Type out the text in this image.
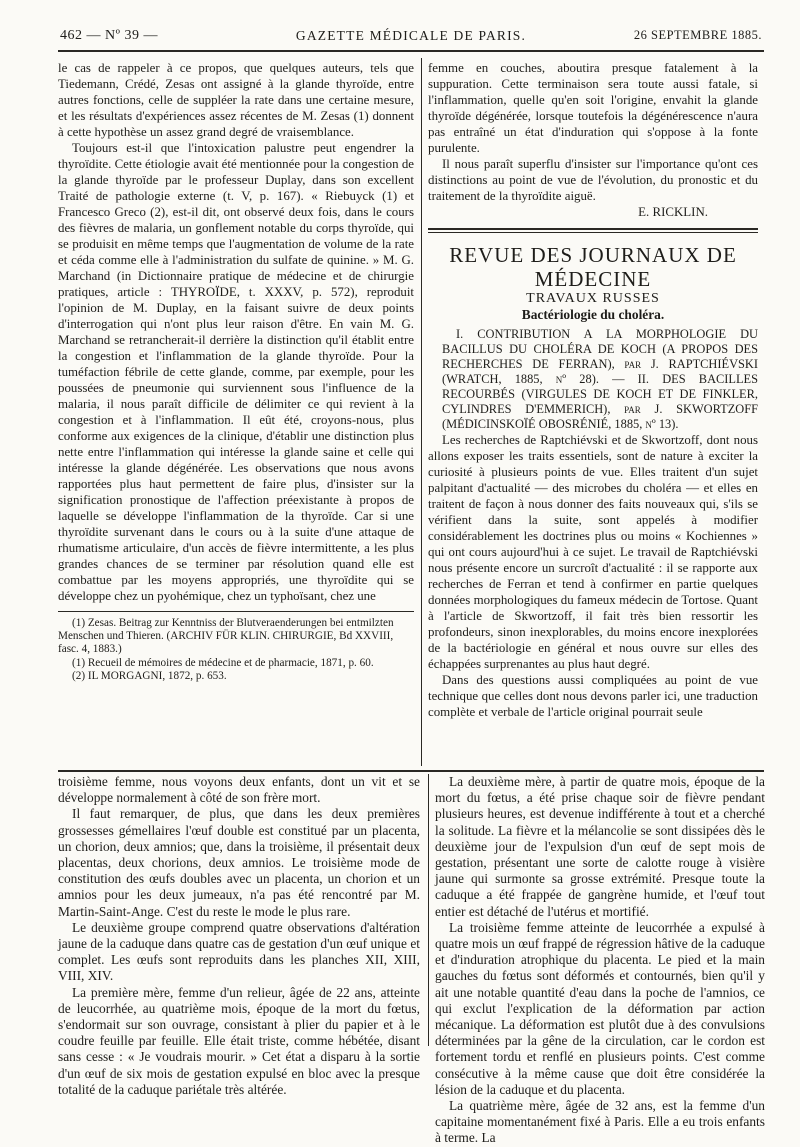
462 — Nº 39 —	GAZETTE MÉDICALE DE PARIS.	26 SEPTEMBRE 1885.

le cas de rappeler à ce propos, que quelques auteurs, tels que Tiedemann, Crédé, Zesas ont assigné à la glande thyroïde, entre autres fonctions, celle de suppléer la rate dans une certaine mesure, et les résultats d'expériences assez récentes de M. Zesas (1) donnent à cette hypothèse un assez grand degré de vraisemblance.

Toujours est-il que l'intoxication palustre peut engendrer la thyroïdite. Cette étiologie avait été mentionnée pour la congestion de la glande thyroïde par le professeur Duplay, dans son excellent Traité de pathologie externe (t. V, p. 167). « Riebuyck (1) et Francesco Greco (2), est-il dit, ont observé deux fois, dans le cours des fièvres de malaria, un gonflement notable du corps thyroïde, qui se produisit en même temps que l'augmentation de volume de la rate et céda comme elle à l'administration du sulfate de quinine. » M. G. Marchand (in Dictionnaire pratique de médecine et de chirurgie pratiques, article : THYROÏDE, t. XXXV, p. 572), reproduit l'opinion de M. Duplay, en la faisant suivre de deux points d'interrogation qui n'ont plus leur raison d'être. En vain M. G. Marchand se retrancherait-il derrière la distinction qu'il établit entre la congestion et l'inflammation de la glande thyroïde. Pour la tuméfaction fébrile de cette glande, comme, par exemple, pour les poussées de pneumonie qui surviennent sous l'influence de la malaria, il nous paraît difficile de délimiter ce qui revient à la congestion et à l'inflammation. Il eût été, croyons-nous, plus conforme aux exigences de la clinique, d'établir une distinction plus nette entre l'inflammation qui intéresse la glande saine et celle qui intéresse la glande dégénérée. Les observations que nous avons rapportées plus haut permettent de faire plus, d'insister sur la signification pronostique de l'affection préexistante à propos de laquelle se développe l'inflammation de la thyroïde. Car si une thyroïdite survenant dans le cours ou à la suite d'une attaque de rhumatisme articulaire, d'un accès de fièvre intermittente, a les plus grandes chances de se terminer par résolution quand elle est combattue par les moyens appropriés, une thyroïdite qui se développe chez un pyohémique, chez un typhoïsant, chez une

(1) Zesas. Beitrag zur Kenntniss der Blutveraenderungen bei entmilzten Menschen und Thieren. (ARCHIV FÜR KLIN. CHIRURGIE, Bd XXVIII, fasc. 4, 1883.)

(1) Recueil de mémoires de médecine et de pharmacie, 1871, p. 60.

(2) IL MORGAGNI, 1872, p. 653.

femme en couches, aboutira presque fatalement à la suppuration. Cette terminaison sera toute aussi fatale, si l'inflammation, quelle qu'en soit l'origine, envahit la glande thyroïde dégénérée, lorsque toutefois la dégénérescence n'aura pas entraîné un état d'induration qui s'oppose à la fonte purulente.

Il nous paraît superflu d'insister sur l'importance qu'ont ces distinctions au point de vue de l'évolution, du pronostic et du traitement de la thyroïdite aiguë.

E. RICKLIN.

REVUE DES JOURNAUX DE MÉDECINE

TRAVAUX RUSSES

Bactériologie du choléra.

I. CONTRIBUTION A LA MORPHOLOGIE DU BACILLUS DU CHOLÉRA DE KOCH (A PROPOS DES RECHERCHES DE FERRAN), par J. RAPTCHIÉVSKI (WRATCH, 1885, nº 28). — II. DES BACILLES RECOURBÉS (VIRGULES DE KOCH ET DE FINKLER, CYLINDRES D'EMMERICH), par J. SKWORTZOFF (MÉDICINSKOÏÉ OBOSRÉNIÉ, 1885, nº 13).

Les recherches de Raptchiévski et de Skwortzoff, dont nous allons exposer les traits essentiels, sont de nature à exciter la curiosité à plusieurs points de vue. Elles traitent d'un sujet palpitant d'actualité — des microbes du choléra — et elles en traitent de façon à nous donner des faits nouveaux qui, s'ils se vérifient dans la suite, sont appelés à modifier considérablement les doctrines plus ou moins « Kochiennes » qui ont cours aujourd'hui à ce sujet. Le travail de Raptchiévski nous présente encore un surcroît d'actualité : il se rapporte aux recherches de Ferran et tend à confirmer en partie quelques données morphologiques du fameux médecin de Tortose. Quant à l'article de Skwortzoff, il fait très bien ressortir les profondeurs, sinon inexplorables, du moins encore inexplorées de la bactériologie en général et nous ouvre sur elles des échappées surprenantes au plus haut degré.

Dans des questions aussi compliquées au point de vue technique que celles dont nous devons parler ici, une traduction complète et verbale de l'article original pourrait seule

troisième femme, nous voyons deux enfants, dont un vit et se développe normalement à côté de son frère mort.

Il faut remarquer, de plus, que dans les deux premières grossesses gémellaires l'œuf double est constitué par un placenta, un chorion, deux amnios; que, dans la troisième, il présentait deux placentas, deux chorions, deux amnios. Le troisième mode de constitution des œufs doubles avec un placenta, un chorion et un amnios pour les deux jumeaux, n'a pas été rencontré par M. Martin-Saint-Ange. C'est du reste le mode le plus rare.

Le deuxième groupe comprend quatre observations d'altération jaune de la caduque dans quatre cas de gestation d'un œuf unique et complet. Les œufs sont reproduits dans les planches XII, XIII, VIII, XIV.

La première mère, femme d'un relieur, âgée de 22 ans, atteinte de leucorrhée, au quatrième mois, époque de la mort du fœtus, s'endormait sur son ouvrage, consistant à plier du papier et à le coudre feuille par feuille. Elle était triste, comme hébétée, disant sans cesse : « Je voudrais mourir. » Cet état a disparu à la sortie d'un œuf de six mois de gestation expulsé en bloc avec la presque totalité de la caduque pariétale très altérée.

La deuxième mère, à partir de quatre mois, époque de la mort du fœtus, a été prise chaque soir de fièvre pendant plusieurs heures, est devenue indifférente à tout et a cherché la solitude. La fièvre et la mélancolie se sont dissipées dès le deuxième jour de l'expulsion d'un œuf de sept mois de gestation, présentant une sorte de calotte rouge à visière jaune qui surmonte sa grosse extrémité. Presque toute la caduque a été frappée de gangrène humide, et l'œuf tout entier est détaché de l'utérus et mortifié.

La troisième femme atteinte de leucorrhée a expulsé à quatre mois un œuf frappé de régression hâtive de la caduque et d'induration atrophique du placenta. Le pied et la main gauches du fœtus sont déformés et contournés, bien qu'il y ait une notable quantité d'eau dans la poche de l'amnios, ce qui exclut l'explication de la déformation par action mécanique. La déformation est plutôt due à des convulsions déterminées par la gêne de la circulation, car le cordon est fortement tordu et renflé en plusieurs points. C'est comme consécutive à la même cause que doit être considérée la lésion de la caduque et du placenta.

La quatrième mère, âgée de 32 ans, est la femme d'un capitaine momentanément fixé à Paris. Elle a eu trois enfants à terme. La
